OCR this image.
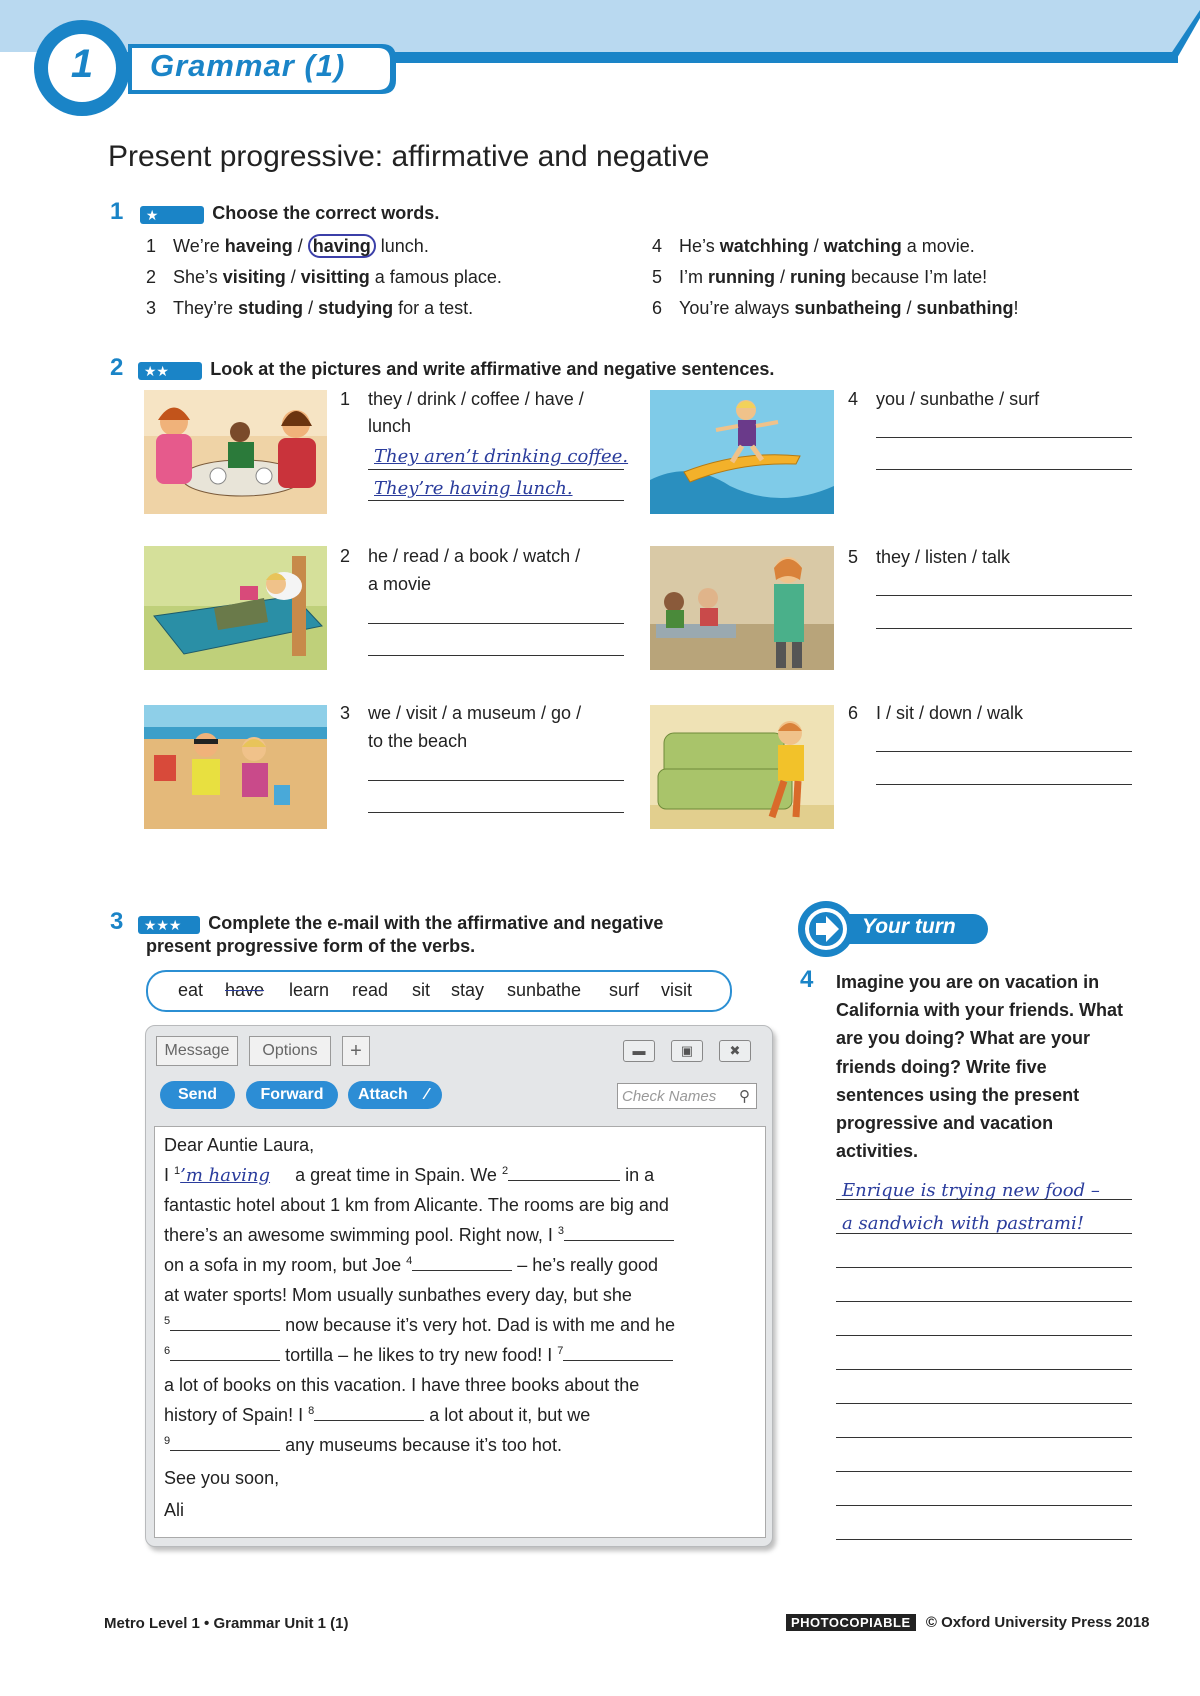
1	Grammar (1)
Present progressive: affirmative and negative
1 ★	Choose the correct words.
1 We’re haveing / having lunch.
2 She’s visiting / visitting a famous place.
3 They’re studing / studying for a test.
4 He’s watchhing / watching a movie.
5 I’m running / runing because I’m late!
6 You’re always sunbatheing / sunbathing!
2 ★★ Look at the pictures and write affirmative and negative sentences.
1 they / drink / coffee / have /
lunch
They aren’t drinking coffee.
They’re having lunch.
2 he / read / a book / watch /
a movie
3 we / visit / a museum / go /
to the beach
4 you / sunbathe / surf
5 they / listen / talk
6 I / sit / down / walk
3 ★★★ Complete the e-mail with the affirmative and negative
present progressive form of the verbs.
eat have learn read sit stay sunbathe surf visit
Message	Options	+	▬	▣	✖
Send	Forward	Attach ∕	Check Names ⚲
Dear Auntie Laura,
I $^1$’m having a great time in Spain. We $^2$	in a
fantastic hotel about 1 km from Alicante. The rooms are big and
there’s an awesome swimming pool. Right now, I $^3$
on a sofa in my room, but Joe $^4$	– he’s really good
at water sports! Mom usually sunbathes every day, but she
$^5$	now because it’s very hot. Dad is with me and he
$^6$	tortilla – he likes to try new food! I $^7$
a lot of books on this vacation. I have three books about the
history of Spain! I $^8$	a lot about it, but we
$^9$	any museums because it’s too hot.
See you soon,
Ali
Your turn
4 Imagine you are on vacation in California with your friends. What are you doing? What are your friends doing? Write five sentences using the present progressive and vacation activities.
Enrique is trying new food –
a sandwich with pastrami!
Metro Level 1 • Grammar Unit 1 (1)	PHOTOCOPIABLE © Oxford University Press 2018
